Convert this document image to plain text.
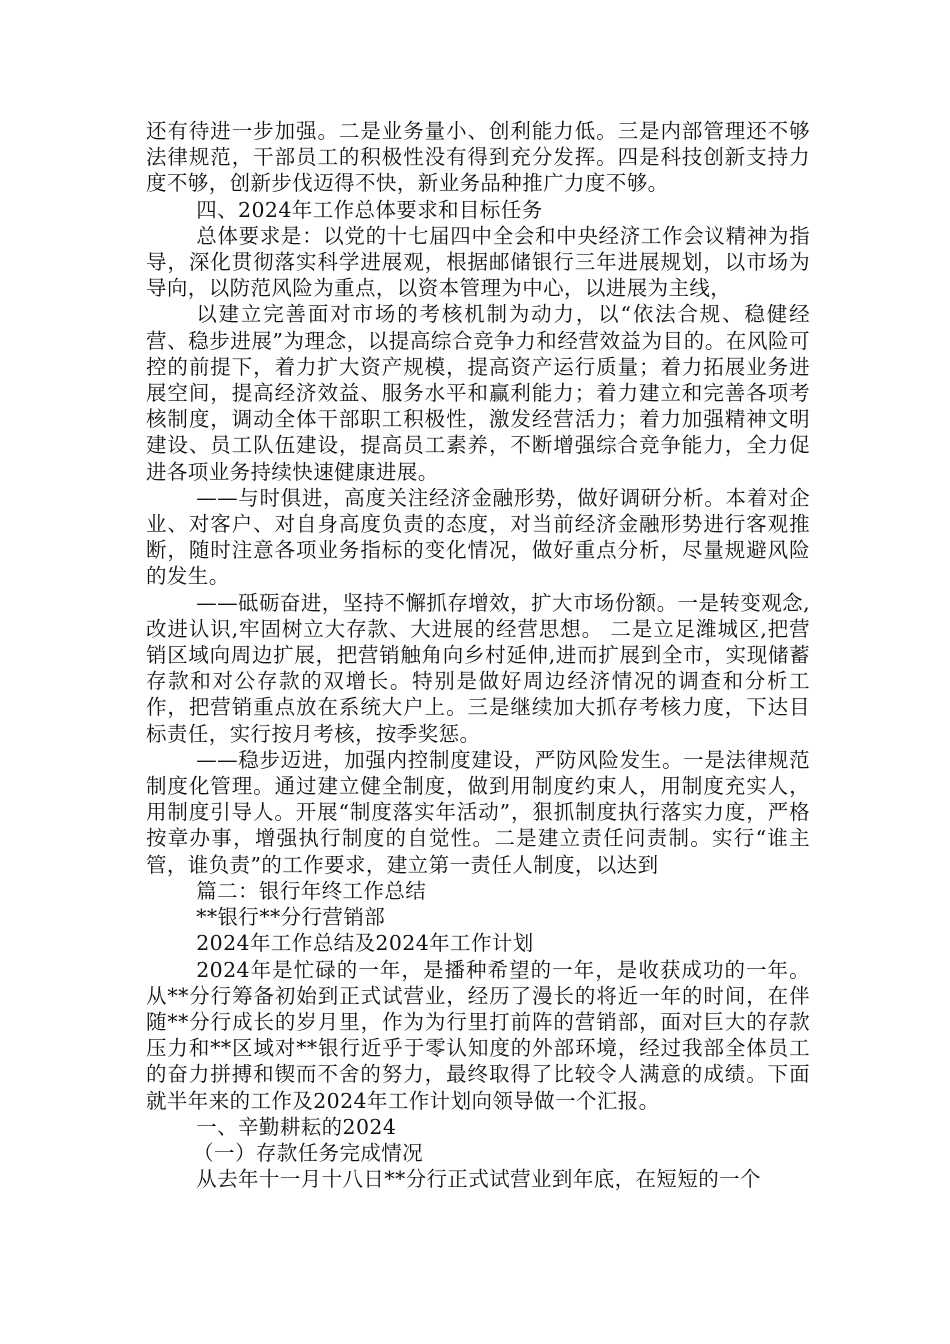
还有待进一步加强。二是业务量小、创利能力低。三是内部管理还不够法律规范，干部员工的积极性没有得到充分发挥。四是科技创新支持力度不够，创新步伐迈得不快，新业务品种推广力度不够。

四、2024年工作总体要求和目标任务

总体要求是：以党的十七届四中全会和中央经济工作会议精神为指导，深化贯彻落实科学进展观，根据邮储银行三年进展规划，以市场为导向，以防范风险为重点，以资本管理为中心，以进展为主线，

以建立完善面对市场的考核机制为动力，以“依法合规、稳健经营、稳步进展”为理念，以提高综合竞争力和经营效益为目的。在风险可控的前提下，着力扩大资产规模，提高资产运行质量；着力拓展业务进展空间，提高经济效益、服务水平和赢利能力；着力建立和完善各项考核制度，调动全体干部职工积极性，激发经营活力；着力加强精神文明建设、员工队伍建设，提高员工素养，不断增强综合竞争能力，全力促进各项业务持续快速健康进展。

——与时俱进，高度关注经济金融形势，做好调研分析。本着对企业、对客户、对自身高度负责的态度，对当前经济金融形势进行客观推断，随时注意各项业务指标的变化情况，做好重点分析，尽量规避风险的发生。

——砥砺奋进，坚持不懈抓存增效，扩大市场份额。一是转变观念,改进认识,牢固树立大存款、大进展的经营思想。 二是立足潍城区,把营销区域向周边扩展，把营销触角向乡村延伸,进而扩展到全市，实现储蓄存款和对公存款的双增长。特别是做好周边经济情况的调查和分析工作，把营销重点放在系统大户上。三是继续加大抓存考核力度，下达目标责任，实行按月考核，按季奖惩。

——稳步迈进，加强内控制度建设，严防风险发生。一是法律规范制度化管理。通过建立健全制度，做到用制度约束人，用制度充实人，用制度引导人。开展“制度落实年活动”，狠抓制度执行落实力度，严格按章办事，增强执行制度的自觉性。二是建立责任问责制。实行“谁主管，谁负责”的工作要求，建立第一责任人制度，以达到

篇二：银行年终工作总结

**银行**分行营销部

2024年工作总结及2024年工作计划

2024年是忙碌的一年，是播种希望的一年，是收获成功的一年。从**分行筹备初始到正式试营业，经历了漫长的将近一年的时间，在伴随**分行成长的岁月里，作为为行里打前阵的营销部，面对巨大的存款压力和**区域对**银行近乎于零认知度的外部环境，经过我部全体员工的奋力拼搏和锲而不舍的努力，最终取得了比较令人满意的成绩。下面就半年来的工作及2024年工作计划向领导做一个汇报。

一、辛勤耕耘的2024

（一）存款任务完成情况

从去年十一月十八日**分行正式试营业到年底，在短短的一个
